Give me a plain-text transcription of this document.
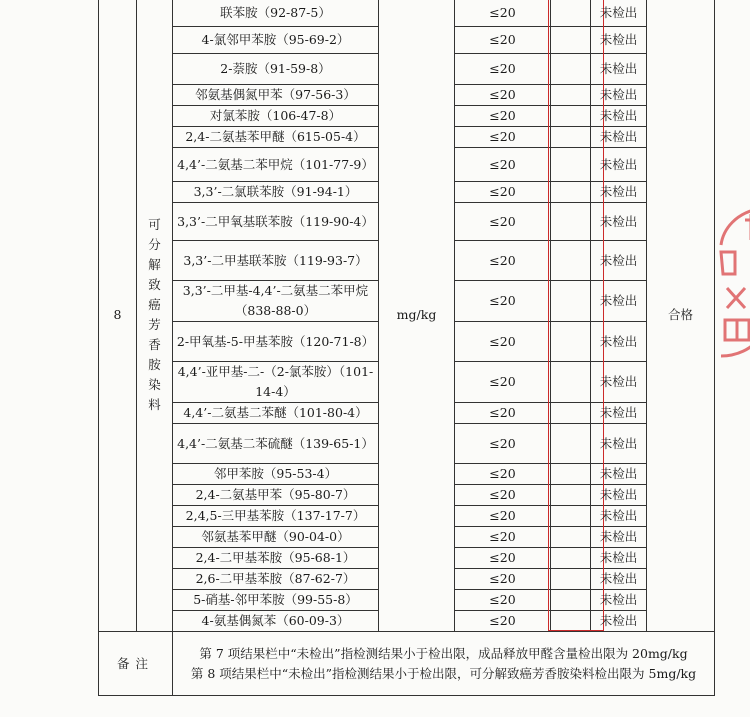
8	可分解致癌芳香胺染料	联苯胺（92-87-5）	mg/kg	≤20		未检出	合格
		4-氯邻甲苯胺（95-69-2）		≤20		未检出	
		2-萘胺（91-59-8）		≤20		未检出	
		邻氨基偶氮甲苯（97-56-3）		≤20		未检出	
		对氯苯胺（106-47-8）		≤20		未检出	
		2,4-二氨基苯甲醚（615-05-4）		≤20		未检出	
		4,4’-二氨基二苯甲烷（101-77-9）		≤20		未检出	
		3,3’-二氯联苯胺（91-94-1）		≤20		未检出	
		3,3’-二甲氧基联苯胺（119-90-4）		≤20		未检出	
		3,3’-二甲基联苯胺（119-93-7）		≤20		未检出	
		3,3’-二甲基-4,4’-二氨基二苯甲烷（838-88-0）		≤20		未检出	
		2-甲氧基-5-甲基苯胺（120-71-8）		≤20		未检出	
		4,4’-亚甲基-二-（2-氯苯胺）（101-14-4）		≤20		未检出	
		4,4’-二氨基二苯醚（101-80-4）		≤20		未检出	
		4,4’-二氨基二苯硫醚（139-65-1）		≤20		未检出	
		邻甲苯胺（95-53-4）		≤20		未检出	
		2,4-二氨基甲苯（95-80-7）		≤20		未检出	
		2,4,5-三甲基苯胺（137-17-7）		≤20		未检出	
		邻氨基苯甲醚（90-04-0）		≤20		未检出	
		2,4-二甲基苯胺（95-68-1）		≤20		未检出	
		2,6-二甲基苯胺（87-62-7）		≤20		未检出	
		5-硝基-邻甲苯胺（99-55-8）		≤20		未检出	
		4-氨基偶氮苯（60-09-3）		≤20		未检出	
备注		第 7 项结果栏中“未检出”指检测结果小于检出限，成品释放甲醛含量检出限为 20mg/kg
第 8 项结果栏中“未检出”指检测结果小于检出限，可分解致癌芳香胺染料检出限为 5mg/kg					
